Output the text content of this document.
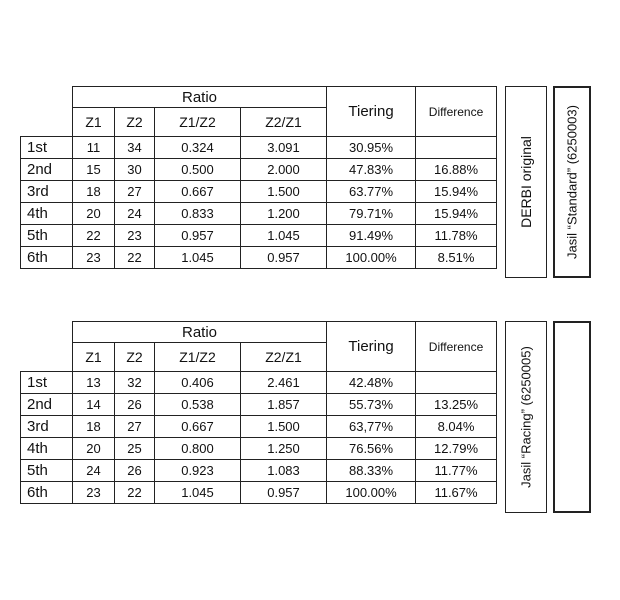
	Ratio				Tiering	Difference
	Z1	Z2	Z1/Z2	Z2/Z1		
1st	11	34	0.324	3.091	30.95%	
2nd	15	30	0.500	2.000	47.83%	16.88%
3rd	18	27	0.667	1.500	63.77%	15.94%
4th	20	24	0.833	1.200	79.71%	15.94%
5th	22	23	0.957	1.045	91.49%	11.78%
6th	23	22	1.045	0.957	100.00%	8.51%
DERBI original Jasil “Standard” (6250003)
	Ratio				Tiering	Difference
	Z1	Z2	Z1/Z2	Z2/Z1		
1st	13	32	0.406	2.461	42.48%	
2nd	14	26	0.538	1.857	55.73%	13.25%
3rd	18	27	0.667	1.500	63,77%	8.04%
4th	20	25	0.800	1.250	76.56%	12.79%
5th	24	26	0.923	1.083	88.33%	11.77%
6th	23	22	1.045	0.957	100.00%	11.67%
Jasil “Racing” (6250005)
